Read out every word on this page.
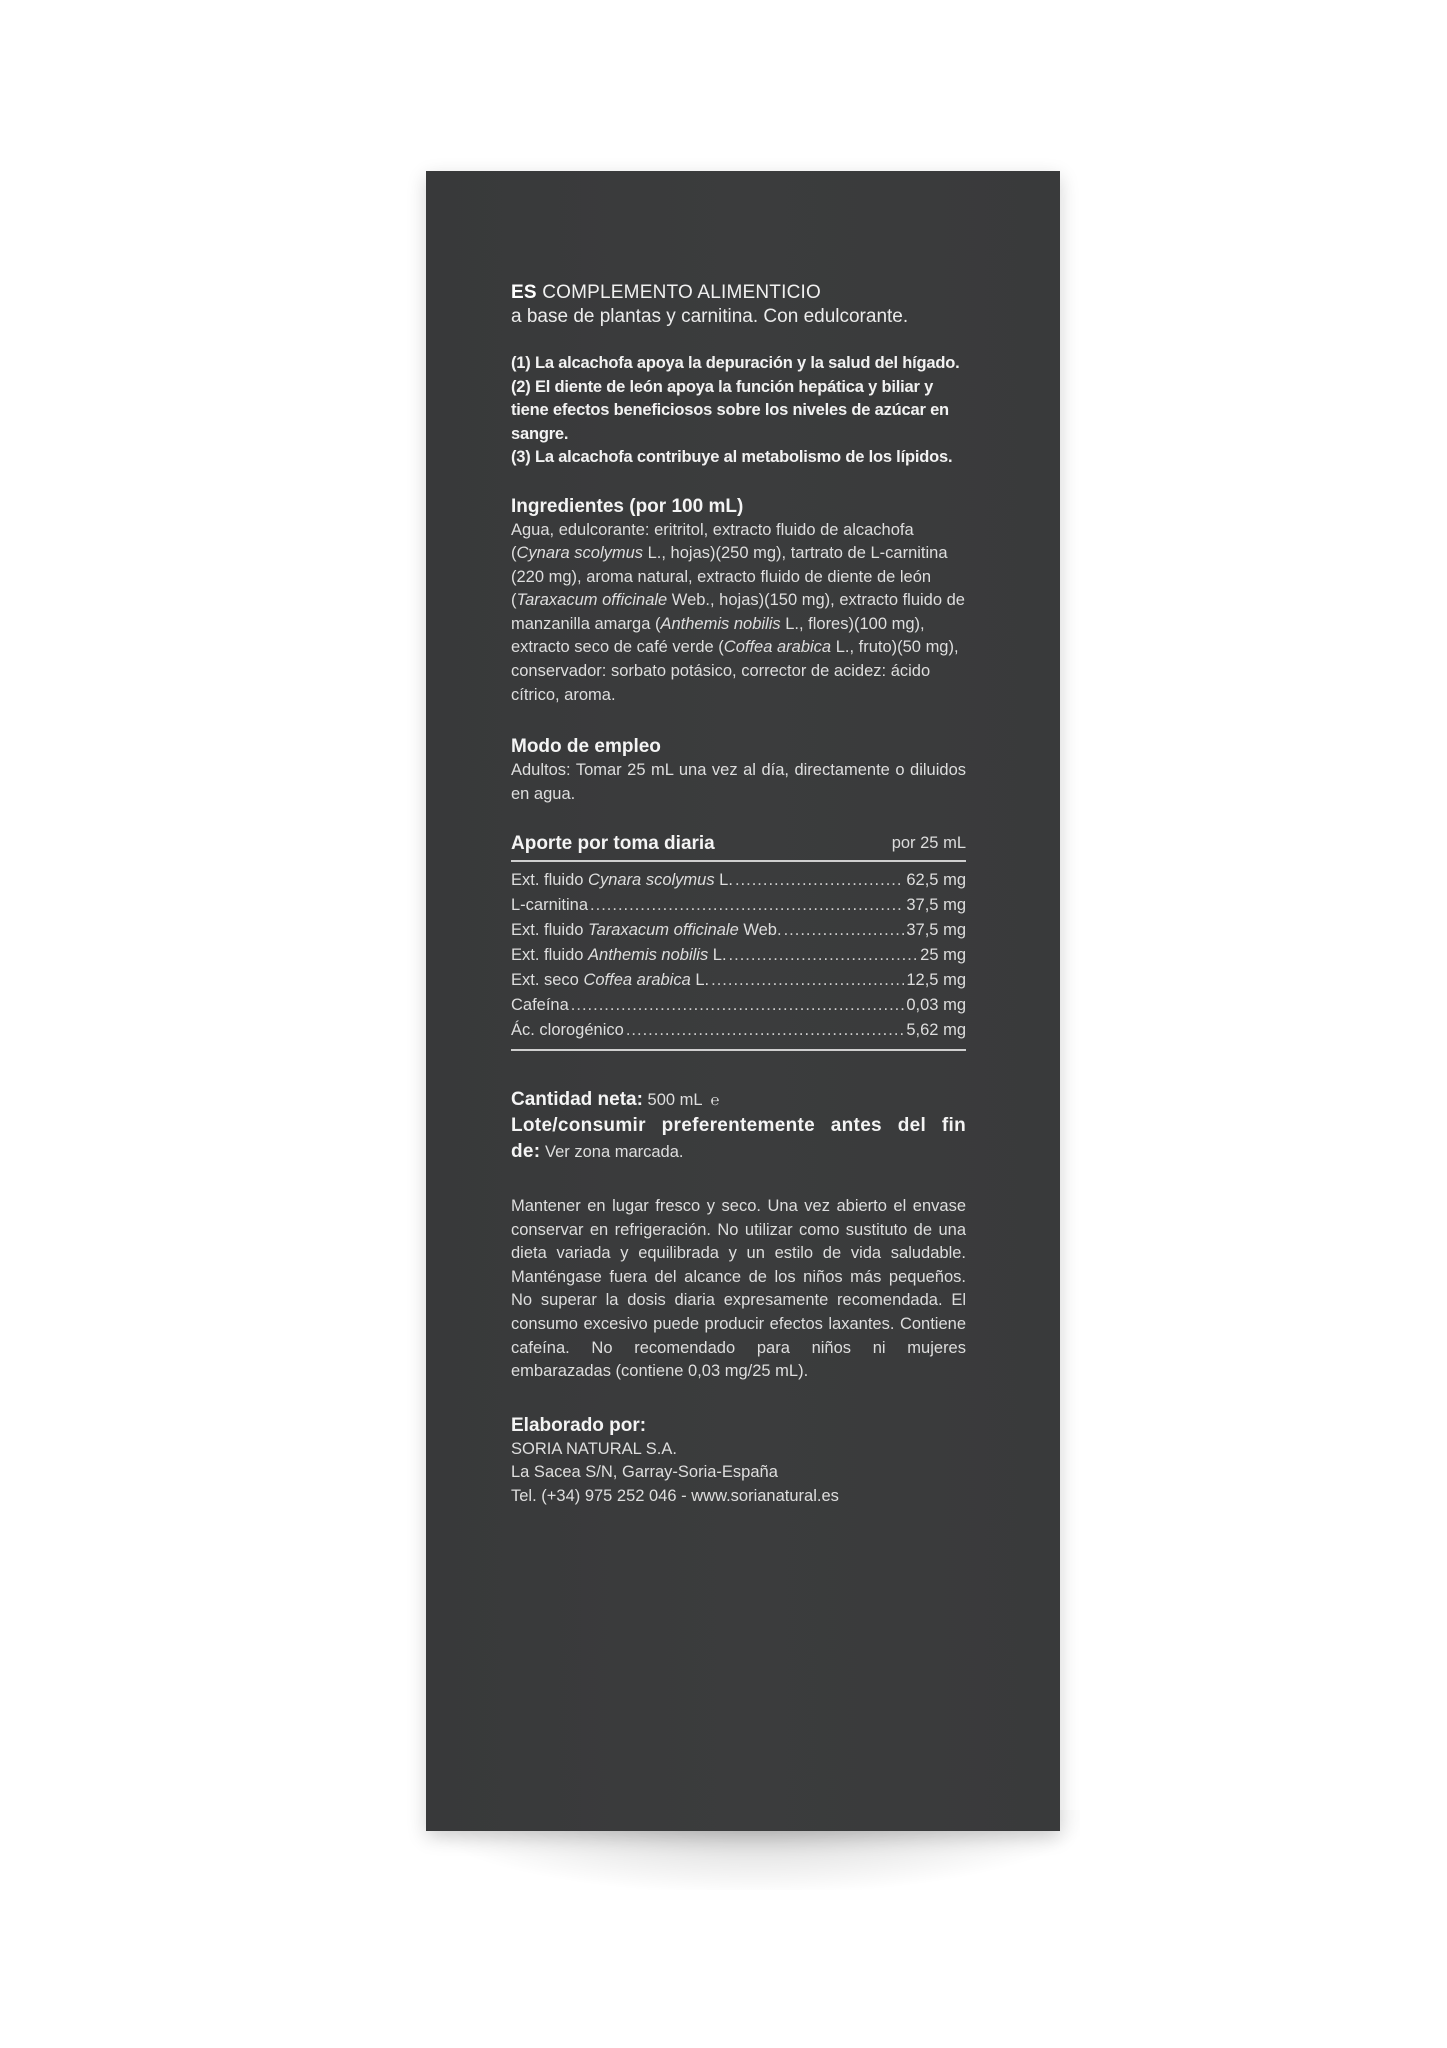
ES COMPLEMENTO ALIMENTICIO
a base de plantas y carnitina. Con edulcorante.
(1) La alcachofa apoya la depuración y la salud del hígado.
(2) El diente de león apoya la función hepática y biliar y tiene efectos beneficiosos sobre los niveles de azúcar en sangre.
(3) La alcachofa contribuye al metabolismo de los lípidos.
Ingredientes (por 100 mL)
Agua, edulcorante: eritritol, extracto fluido de alcachofa (Cynara scolymus L., hojas)(250 mg), tartrato de L-carnitina (220 mg), aroma natural, extracto fluido de diente de león (Taraxacum officinale Web., hojas)(150 mg), extracto fluido de manzanilla amarga (Anthemis nobilis L., flores)(100 mg), extracto seco de café verde (Coffea arabica L., fruto)(50 mg), conservador: sorbato potásico, corrector de acidez: ácido cítrico, aroma.
Modo de empleo
Adultos: Tomar 25 mL una vez al día, directamente o diluidos en agua.
Aporte por toma diaria	por 25 mL
Ext. fluido Cynara scolymus L. .....	62,5 mg
L-carnitina .....	37,5 mg
Ext. fluido Taraxacum officinale Web. .....	37,5 mg
Ext. fluido Anthemis nobilis L. .....	25 mg
Ext. seco Coffea arabica L. .....	12,5 mg
Cafeína .....	0,03 mg
Ác. clorogénico .....	5,62 mg
Cantidad neta: 500 mL ℮
Lote/consumir preferentemente antes del fin
de: Ver zona marcada.
Mantener en lugar fresco y seco. Una vez abierto el envase conservar en refrigeración. No utilizar como sustituto de una dieta variada y equilibrada y un estilo de vida saludable. Manténgase fuera del alcance de los niños más pequeños. No superar la dosis diaria expresamente recomendada. El consumo excesivo puede producir efectos laxantes. Contiene cafeína. No recomendado para niños ni mujeres embarazadas (contiene 0,03 mg/25 mL).
Elaborado por:
SORIA NATURAL S.A.
La Sacea S/N, Garray-Soria-España
Tel. (+34) 975 252 046 - www.sorianatural.es
